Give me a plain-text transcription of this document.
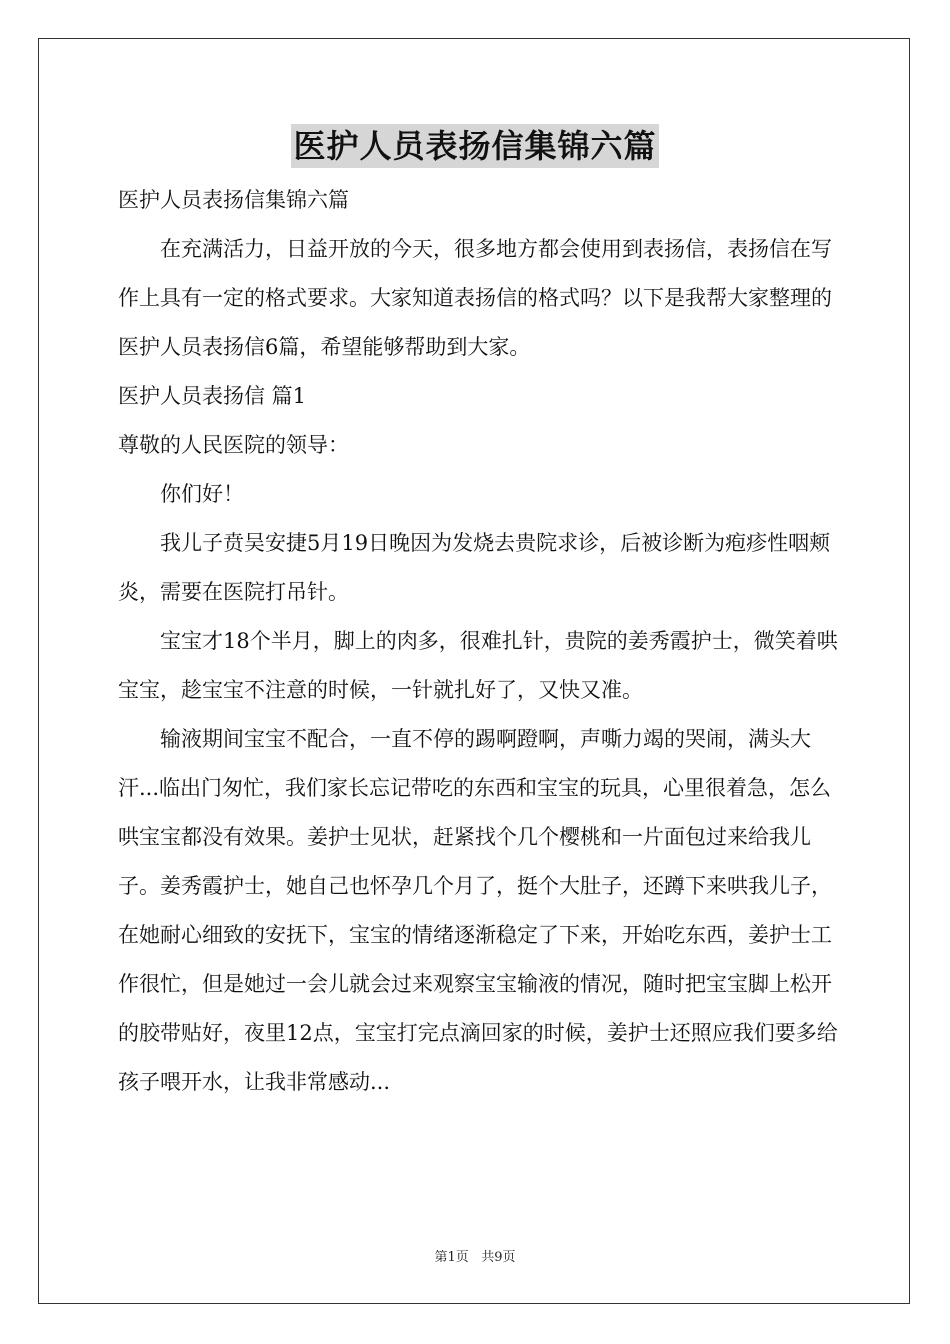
医护人员表扬信集锦六篇

医护人员表扬信集锦六篇

在充满活力，日益开放的今天，很多地方都会使用到表扬信，表扬信在写作上具有一定的格式要求。大家知道表扬信的格式吗？以下是我帮大家整理的医护人员表扬信6篇，希望能够帮助到大家。

医护人员表扬信 篇1

尊敬的人民医院的领导：

你们好！

我儿子贲吴安捷5月19日晚因为发烧去贵院求诊，后被诊断为疱疹性咽颊炎，需要在医院打吊针。

宝宝才18个半月，脚上的肉多，很难扎针，贵院的姜秀霞护士，微笑着哄宝宝，趁宝宝不注意的时候，一针就扎好了，又快又准。

输液期间宝宝不配合，一直不停的踢啊蹬啊，声嘶力竭的哭闹，满头大汗...临出门匆忙，我们家长忘记带吃的东西和宝宝的玩具，心里很着急，怎么哄宝宝都没有效果。姜护士见状，赶紧找个几个樱桃和一片面包过来给我儿子。姜秀霞护士，她自己也怀孕几个月了，挺个大肚子，还蹲下来哄我儿子，在她耐心细致的安抚下，宝宝的情绪逐渐稳定了下来，开始吃东西，姜护士工作很忙，但是她过一会儿就会过来观察宝宝输液的情况，随时把宝宝脚上松开的胶带贴好，夜里12点，宝宝打完点滴回家的时候，姜护士还照应我们要多给孩子喂开水，让我非常感动...

第1页 共9页
